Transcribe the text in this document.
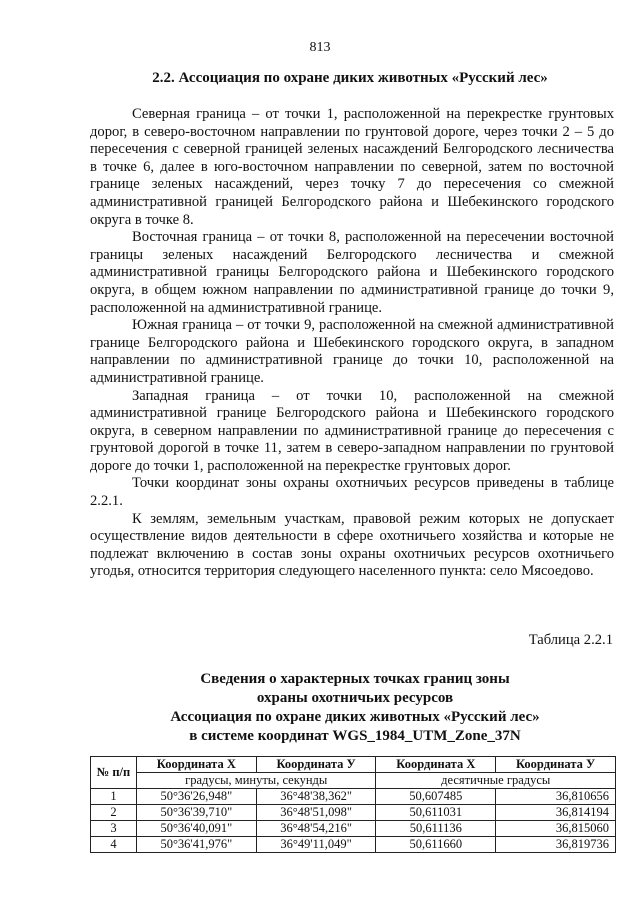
813
2.2. Ассоциация по охране диких животных «Русский лес»

Северная граница – от точки 1, расположенной на перекрестке грунтовых дорог, в северо-восточном направлении по грунтовой дороге, через точки 2 – 5 до пересечения с северной границей зеленых насаждений Белгородского лесничества в точке 6, далее в юго-восточном направлении по северной, затем по восточной границе зеленых насаждений, через точку 7 до пересечения со смежной административной границей Белгородского района и Шебекинского городского округа в точке 8.

Восточная граница – от точки 8, расположенной на пересечении восточной границы зеленых насаждений Белгородского лесничества и смежной административной границы Белгородского района и Шебекинского городского округа, в общем южном направлении по административной границе до точки 9, расположенной на административной границе.

Южная граница – от точки 9, расположенной на смежной административной границе Белгородского района и Шебекинского городского округа, в западном направлении по административной границе до точки 10, расположенной на административной границе.

Западная граница – от точки 10, расположенной на смежной административной границе Белгородского района и Шебекинского городского округа, в северном направлении по административной границе до пересечения с грунтовой дорогой в точке 11, затем в северо-западном направлении по грунтовой дороге до точки 1, расположенной на перекрестке грунтовых дорог.

Точки координат зоны охраны охотничьих ресурсов приведены в таблице 2.2.1.

К землям, земельным участкам, правовой режим которых не допускает осуществление видов деятельности в сфере охотничьего хозяйства и которые не подлежат включению в состав зоны охраны охотничьих ресурсов охотничьего угодья, относится территория следующего населенного пункта: село Мясоедово.

Таблица 2.2.1
Сведения о характерных точках границ зоны
охраны охотничьих ресурсов
Ассоциация по охране диких животных «Русский лес»
в системе координат WGS_1984_UTM_Zone_37N
№ п/п	Координата X	Координата У	Координата X	Координата У
	градусы, минуты, секунды		десятичные градусы	
1	50°36'26,948"	36°48'38,362"	50,607485	36,810656
2	50°36'39,710"	36°48'51,098"	50,611031	36,814194
3	50°36'40,091"	36°48'54,216"	50,611136	36,815060
4	50°36'41,976"	36°49'11,049"	50,611660	36,819736
